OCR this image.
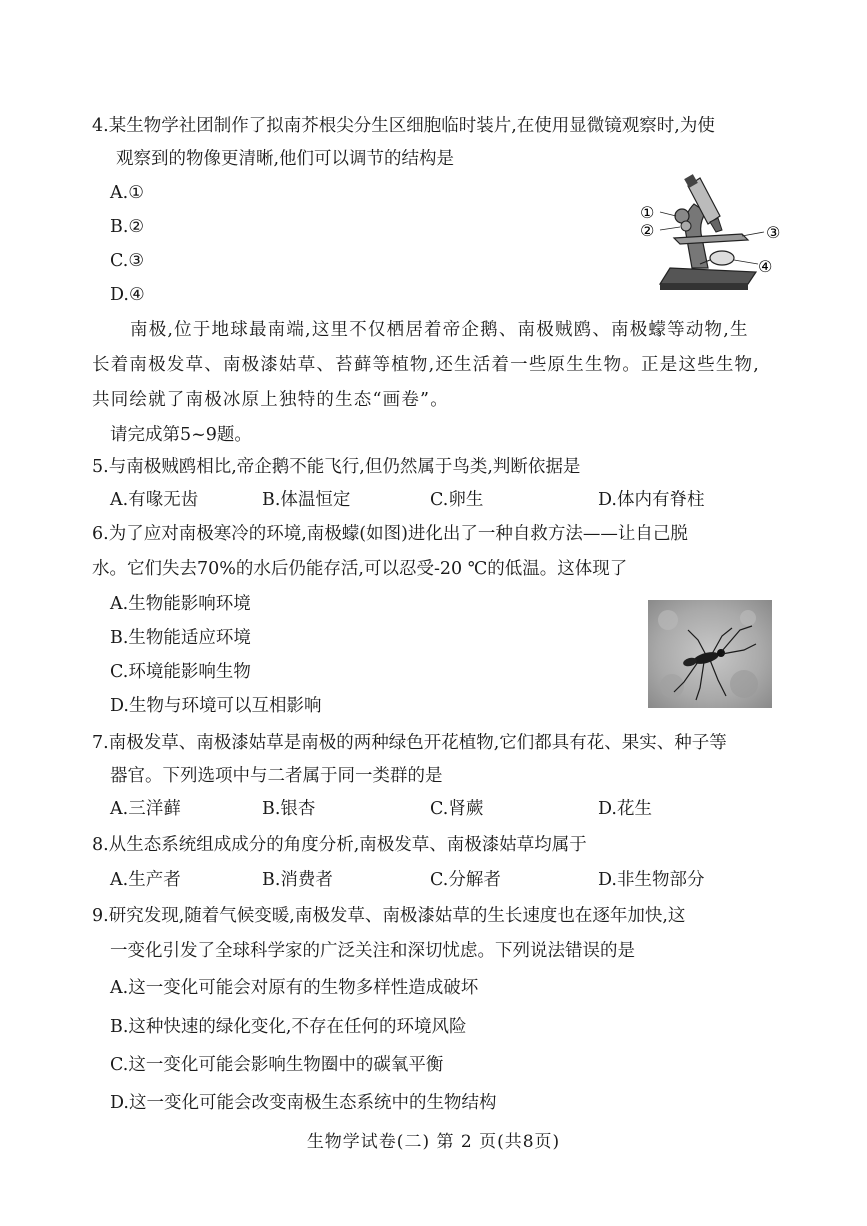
4.某生物学社团制作了拟南芥根尖分生区细胞临时装片,在使用显微镜观察时,为使
观察到的物像更清晰,他们可以调节的结构是
A.①
B.②
C.③
D.④
①
②	③
④
南极,位于地球最南端,这里不仅栖居着帝企鹅、南极贼鸥、南极蠓等动物,生
长着南极发草、南极漆姑草、苔藓等植物,还生活着一些原生生物。正是这些生物,
共同绘就了南极冰原上独特的生态“画卷”。
请完成第5~9题。
5.与南极贼鸥相比,帝企鹅不能飞行,但仍然属于鸟类,判断依据是
A.有喙无齿	B.体温恒定	C.卵生	D.体内有脊柱
6.为了应对南极寒冷的环境,南极蠓(如图)进化出了一种自救方法——让自己脱
水。它们失去70%的水后仍能存活,可以忍受-20 ℃的低温。这体现了
A.生物能影响环境
B.生物能适应环境
C.环境能影响生物
D.生物与环境可以互相影响
7.南极发草、南极漆姑草是南极的两种绿色开花植物,它们都具有花、果实、种子等
器官。下列选项中与二者属于同一类群的是
A.三洋藓	B.银杏	C.肾蕨	D.花生
8.从生态系统组成成分的角度分析,南极发草、南极漆姑草均属于
A.生产者	B.消费者	C.分解者	D.非生物部分
9.研究发现,随着气候变暖,南极发草、南极漆姑草的生长速度也在逐年加快,这
一变化引发了全球科学家的广泛关注和深切忧虑。下列说法错误的是
A.这一变化可能会对原有的生物多样性造成破坏
B.这种快速的绿化变化,不存在任何的环境风险
C.这一变化可能会影响生物圈中的碳氧平衡
D.这一变化可能会改变南极生态系统中的生物结构
生物学试卷(二) 第 2 页(共8页)
